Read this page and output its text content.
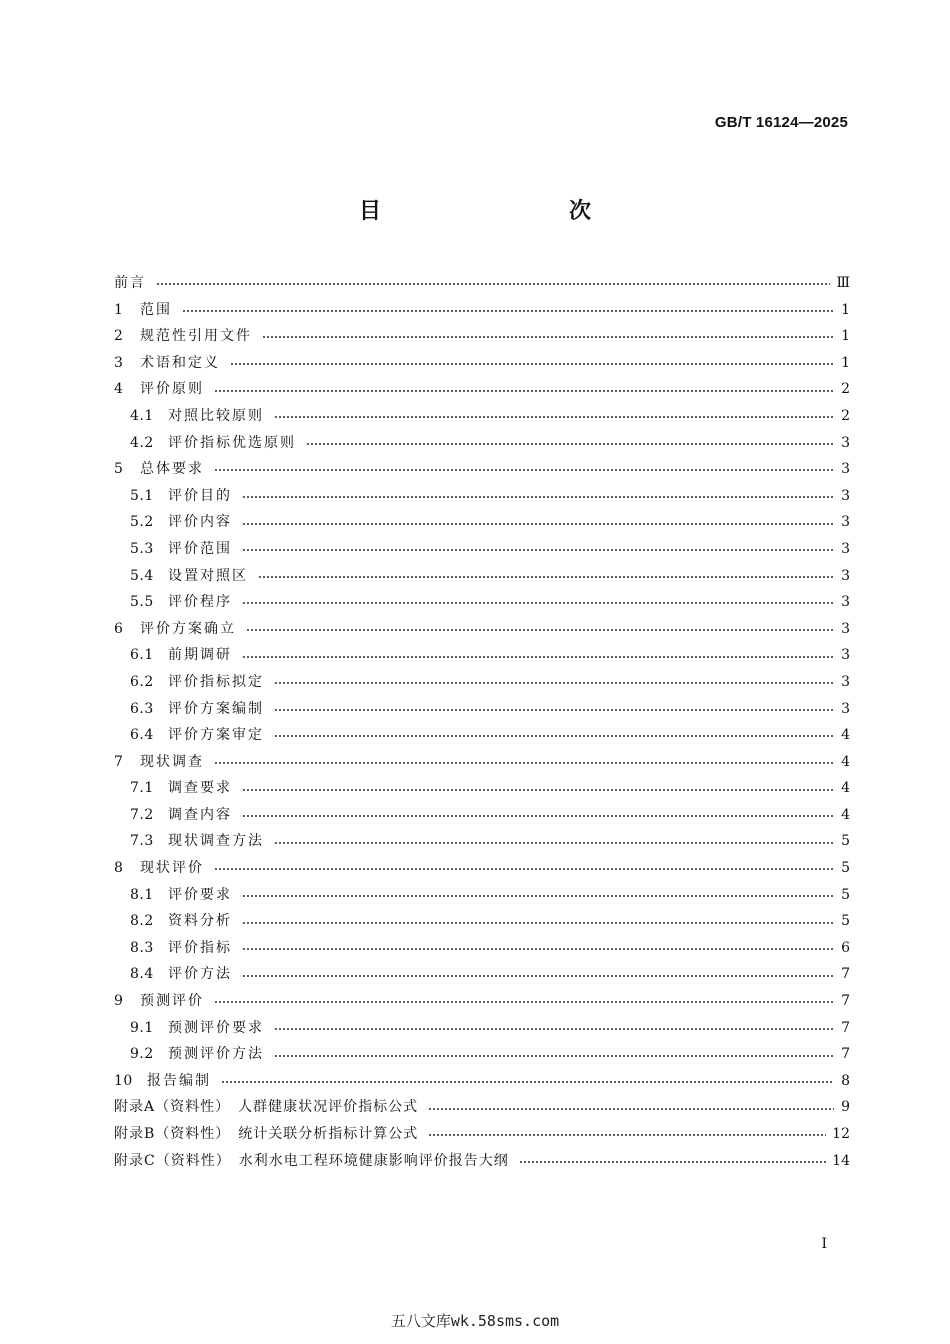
GB/T 16124—2025
目　　次
前言	Ⅲ
1	范围	1
2	规范性引用文件	1
3	术语和定义	1
4	评价原则	2
4.1	对照比较原则	2
4.2	评价指标优选原则	3
5	总体要求	3
5.1	评价目的	3
5.2	评价内容	3
5.3	评价范围	3
5.4	设置对照区	3
5.5	评价程序	3
6	评价方案确立	3
6.1	前期调研	3
6.2	评价指标拟定	3
6.3	评价方案编制	3
6.4	评价方案审定	4
7	现状调查	4
7.1	调查要求	4
7.2	调查内容	4
7.3	现状调查方法	5
8	现状评价	5
8.1	评价要求	5
8.2	资料分析	5
8.3	评价指标	6
8.4	评价方法	7
9	预测评价	7
9.1	预测评价要求	7
9.2	预测评价方法	7
10	报告编制	8
附录A（资料性）　人群健康状况评价指标公式	9
附录B（资料性）　统计关联分析指标计算公式	12
附录C（资料性）　水利水电工程环境健康影响评价报告大纲	14
I
五八文库wk.58sms.com
